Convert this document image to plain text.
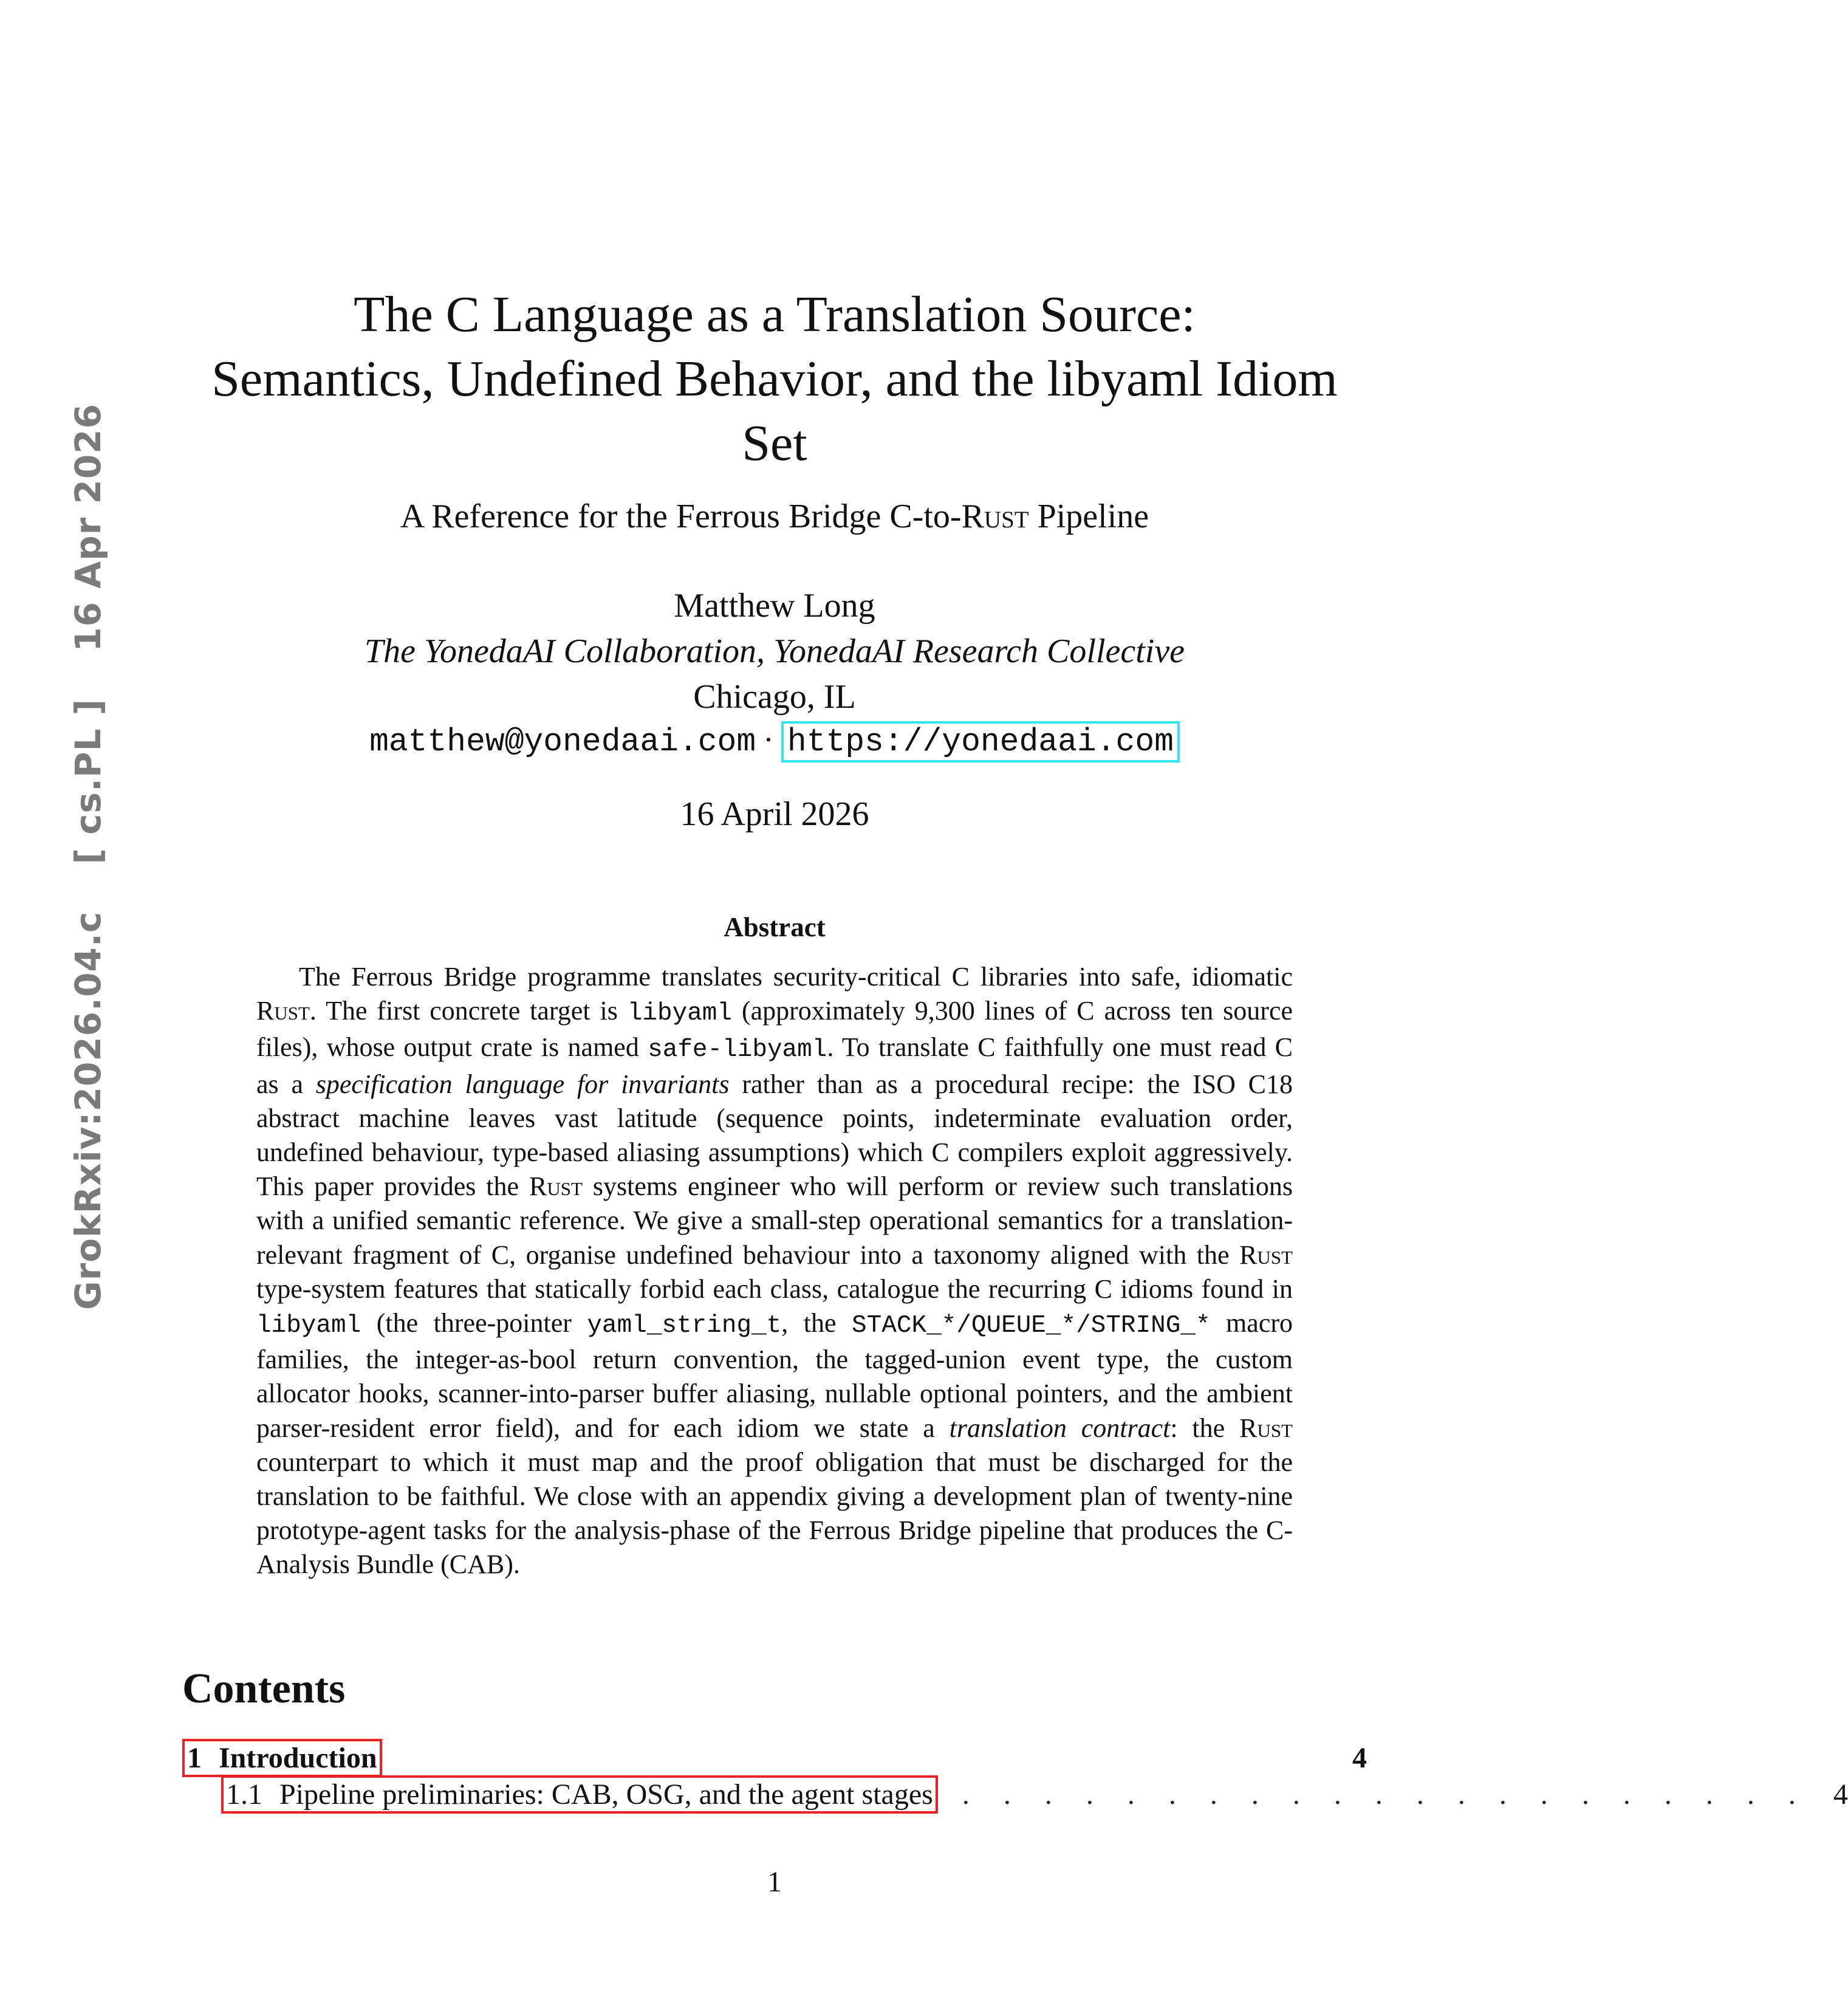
GrokRxiv:2026.04.c [ cs.PL ] 16 Apr 2026
The C Language as a Translation Source:
Semantics, Undefined Behavior, and the libyaml Idiom
Set
A Reference for the Ferrous Bridge C-to-Rust Pipeline
Matthew Long
The YonedaAI Collaboration, YonedaAI Research Collective
Chicago, IL
matthew@yonedaai.com · https://yonedaai.com
16 April 2026
Abstract

The Ferrous Bridge programme translates security-critical C libraries into safe, idiomatic Rust. The first concrete target is libyaml (approximately 9,300 lines of C across ten source files), whose output crate is named safe-libyaml. To translate C faithfully one must read C as a specification language for invariants rather than as a procedural recipe: the ISO C18 abstract machine leaves vast latitude (sequence points, indeterminate evaluation order, undefined behaviour, type-based aliasing assumptions) which C compilers exploit aggressively. This paper provides the Rust systems engineer who will perform or review such translations with a unified semantic reference. We give a small-step operational semantics for a translation-relevant fragment of C, organise undefined behaviour into a taxonomy aligned with the Rust type-system features that statically forbid each class, catalogue the recurring C idioms found in libyaml (the three-pointer yaml_string_t, the STACK_*/QUEUE_*/STRING_* macro families, the integer-as-bool return convention, the tagged-union event type, the custom allocator hooks, scanner-into-parser buffer aliasing, nullable optional pointers, and the ambient parser-resident error field), and for each idiom we state a translation contract: the Rust counterpart to which it must map and the proof obligation that must be discharged for the translation to be faithful. We close with an appendix giving a development plan of twenty-nine prototype-agent tasks for the analysis-phase of the Ferrous Bridge pipeline that produces the C-Analysis Bundle (CAB).

Contents
1 Introduction	4
1.1 Pipeline preliminaries: CAB, OSG, and the agent stages . . . . . . . . . . . . . . . . . . . . . 4
1
